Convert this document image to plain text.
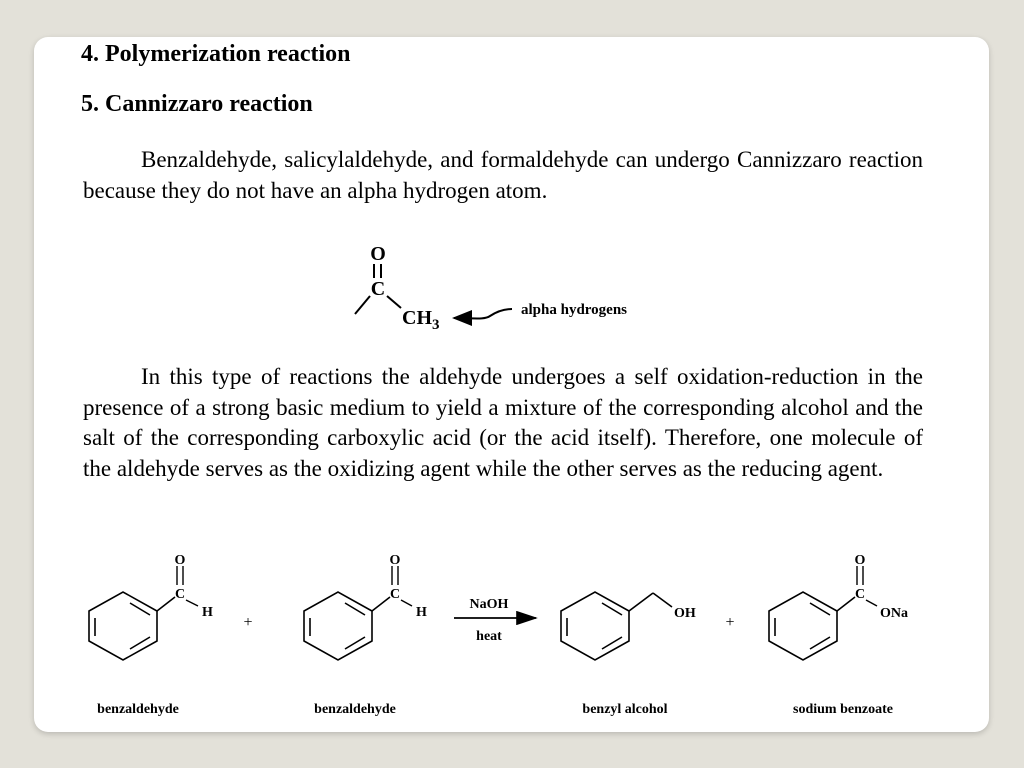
4. Polymerization reaction
5. Cannizzaro reaction

Benzaldehyde, salicylaldehyde, and formaldehyde can undergo Cannizzaro reaction because they do not have an alpha hydrogen atom.

O
C
$CH_3$
alpha hydrogens

In this type of reactions the aldehyde undergoes a self oxidation-reduction in the presence of a strong basic medium to yield a mixture of the corresponding alcohol and the salt of the corresponding carboxylic acid (or the acid itself). Therefore, one molecule of the aldehyde serves as the oxidizing agent while the other serves as the reducing agent.

C
O
H
+
C
O
H
NaOH
heat
OH
+
C
O
ONa
benzaldehyde	benzaldehyde	benzyl alcohol	sodium benzoate
